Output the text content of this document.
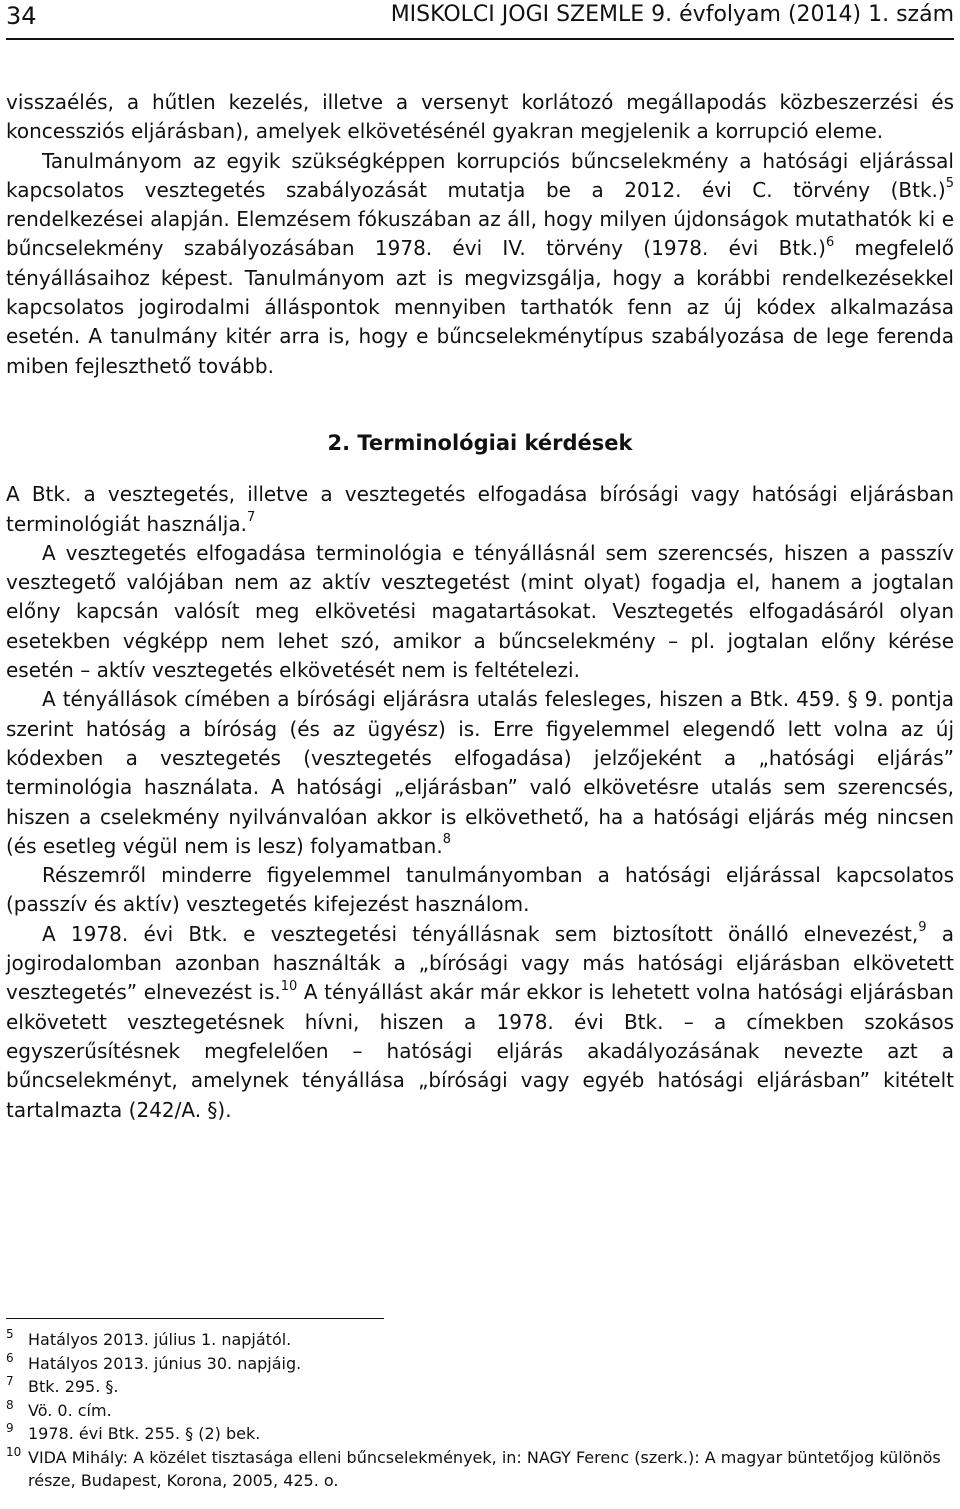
34	MISKOLCI JOGI SZEMLE 9. évfolyam (2014) 1. szám

visszaélés, a hűtlen kezelés, illetve a versenyt korlátozó megállapodás közbeszerzési és koncessziós eljárásban), amelyek elkövetésénél gyakran megjelenik a korrupció eleme.

Tanulmányom az egyik szükségképpen korrupciós bűncselekmény a hatósági eljárással kapcsolatos vesztegetés szabályozását mutatja be a 2012. évi C. törvény $(Btk.)^5$ rendelkezései alapján. Elemzésem fókuszában az áll, hogy milyen újdonságok mutathatók ki e bűncselekmény szabályozásában 1978. évi IV. törvény (1978. évi Btk.)$^6$ megfelelő tényállásaihoz képest. Tanulmányom azt is megvizsgálja, hogy a korábbi rendelkezésekkel kapcsolatos jogirodalmi álláspontok mennyiben tarthatók fenn az új kódex alkalmazása esetén. A tanulmány kitér arra is, hogy e bűncselekménytípus szabályozása de lege ferenda miben fejleszthető tovább.

2. Terminológiai kérdések

A Btk. a vesztegetés, illetve a vesztegetés elfogadása bírósági vagy hatósági eljárásban terminológiát használja.$^7$

A vesztegetés elfogadása terminológia e tényállásnál sem szerencsés, hiszen a passzív vesztegető valójában nem az aktív vesztegetést (mint olyat) fogadja el, hanem a jogtalan előny kapcsán valósít meg elkövetési magatartásokat. Vesztegetés elfogadásáról olyan esetekben végképp nem lehet szó, amikor a bűncselekmény – pl. jogtalan előny kérése esetén – aktív vesztegetés elkövetését nem is feltételezi.

A tényállások címében a bírósági eljárásra utalás felesleges, hiszen a Btk. 459. § 9. pontja szerint hatóság a bíróság (és az ügyész) is. Erre figyelemmel elegendő lett volna az új kódexben a vesztegetés (vesztegetés elfogadása) jelzőjeként a „hatósági eljárás” terminológia használata. A hatósági „eljárásban” való elkövetésre utalás sem szerencsés, hiszen a cselekmény nyilvánvalóan akkor is elkövethető, ha a hatósági eljárás még nincsen (és esetleg végül nem is lesz) folyamatban.$^8$

Részemről minderre figyelemmel tanulmányomban a hatósági eljárással kapcsolatos (passzív és aktív) vesztegetés kifejezést használom.

A 1978. évi Btk. e vesztegetési tényállásnak sem biztosított önálló elnevezést,$^9$ a jogirodalomban azonban használták a „bírósági vagy más hatósági eljárásban elkövetett vesztegetés” elnevezést is.$^{10}$ A tényállást akár már ekkor is lehetett volna hatósági eljárásban elkövetett vesztegetésnek hívni, hiszen a 1978. évi Btk. – a címekben szokásos egyszerűsítésnek megfelelően – hatósági eljárás akadályozásának nevezte azt a bűncselekményt, amelynek tényállása „bírósági vagy egyéb hatósági eljárásban” kitételt tartalmazta (242/A. §).

5 Hatályos 2013. július 1. napjától.
6 Hatályos 2013. június 30. napjáig.
7 Btk. 295. §.
8 Vö. 0. cím.
9 1978. évi Btk. 255. § (2) bek.
10 VIDA Mihály: A közélet tisztasága elleni bűncselekmények, in: NAGY Ferenc (szerk.): A magyar büntetőjog különös része, Budapest, Korona, 2005, 425. o.
